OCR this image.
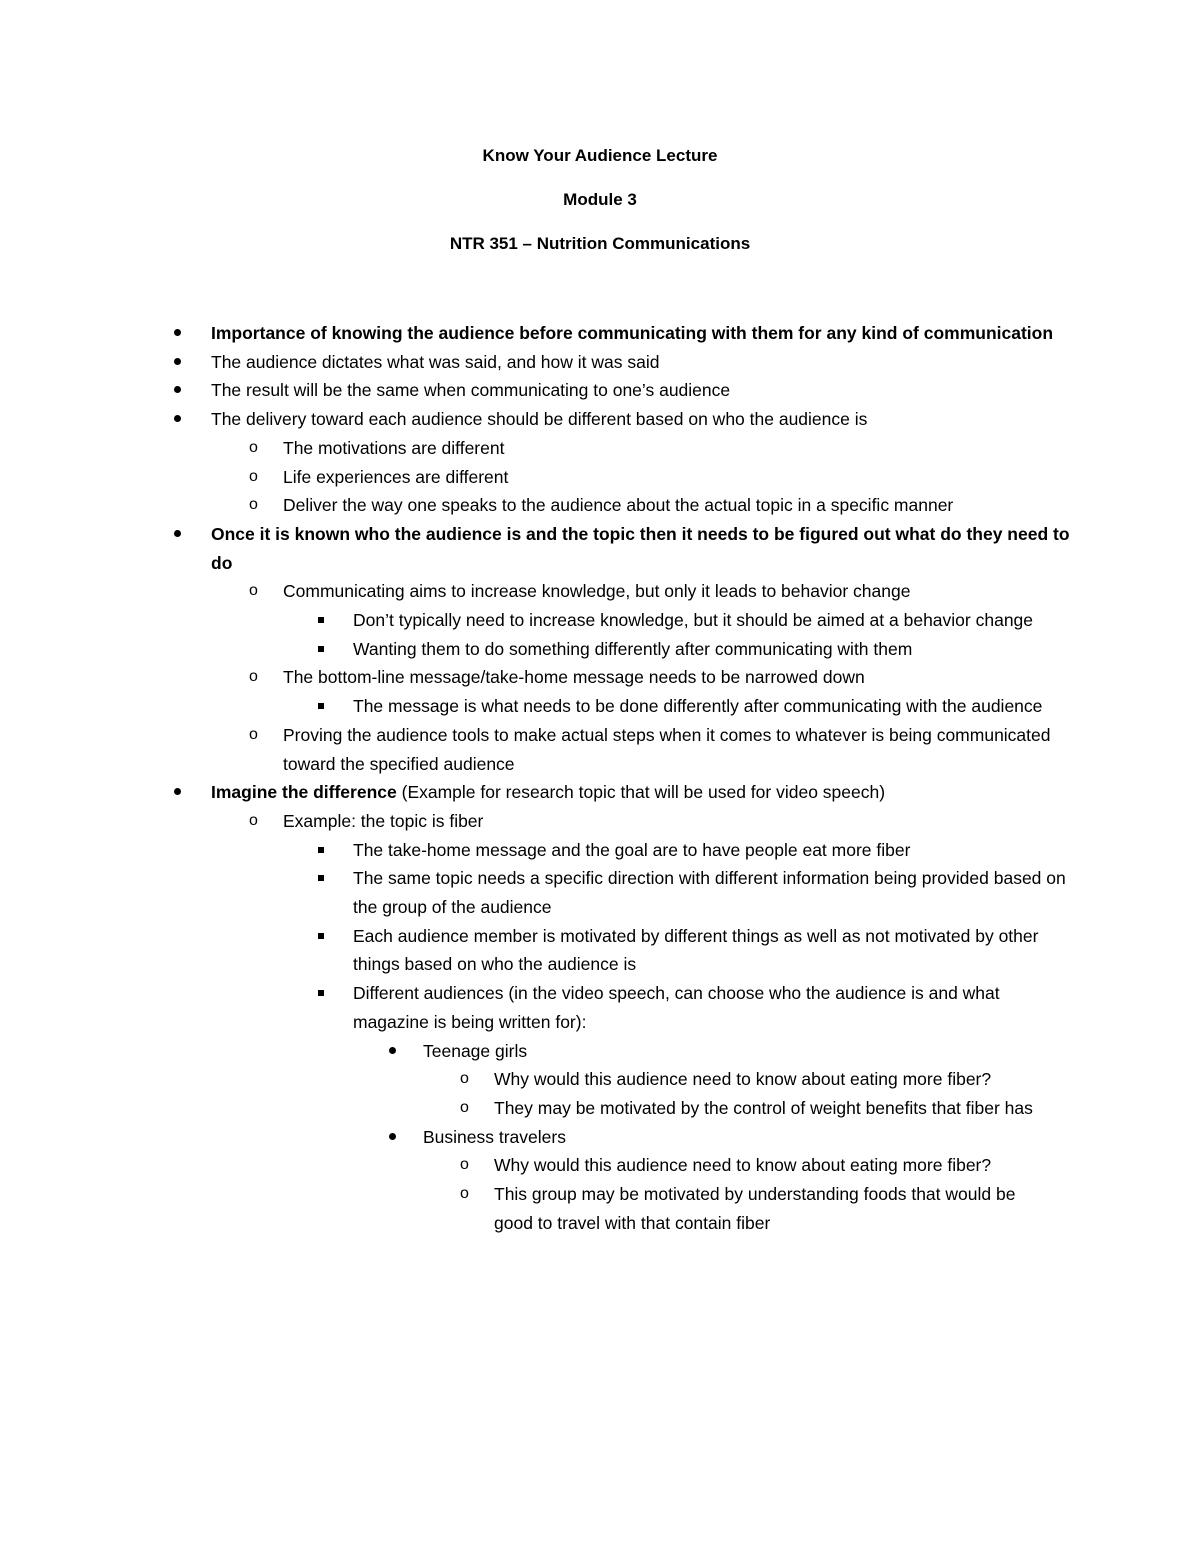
Know Your Audience Lecture
Module 3
NTR 351 – Nutrition Communications
Importance of knowing the audience before communicating with them for any kind of communication
The audience dictates what was said, and how it was said
The result will be the same when communicating to one’s audience
The delivery toward each audience should be different based on who the audience is
o The motivations are different
o Life experiences are different
o Deliver the way one speaks to the audience about the actual topic in a specific manner
Once it is known who the audience is and the topic then it needs to be figured out what do they need to do
o Communicating aims to increase knowledge, but only it leads to behavior change
Don’t typically need to increase knowledge, but it should be aimed at a behavior change
Wanting them to do something differently after communicating with them
o The bottom-line message/take-home message needs to be narrowed down
The message is what needs to be done differently after communicating with the audience
o Proving the audience tools to make actual steps when it comes to whatever is being communicated toward the specified audience
Imagine the difference (Example for research topic that will be used for video speech)
o Example: the topic is fiber
The take-home message and the goal are to have people eat more fiber
The same topic needs a specific direction with different information being provided based on the group of the audience
Each audience member is motivated by different things as well as not motivated by other things based on who the audience is
Different audiences (in the video speech, can choose who the audience is and what magazine is being written for):
Teenage girls
o Why would this audience need to know about eating more fiber?
o They may be motivated by the control of weight benefits that fiber has
Business travelers
o Why would this audience need to know about eating more fiber?
o This group may be motivated by understanding foods that would be good to travel with that contain fiber
